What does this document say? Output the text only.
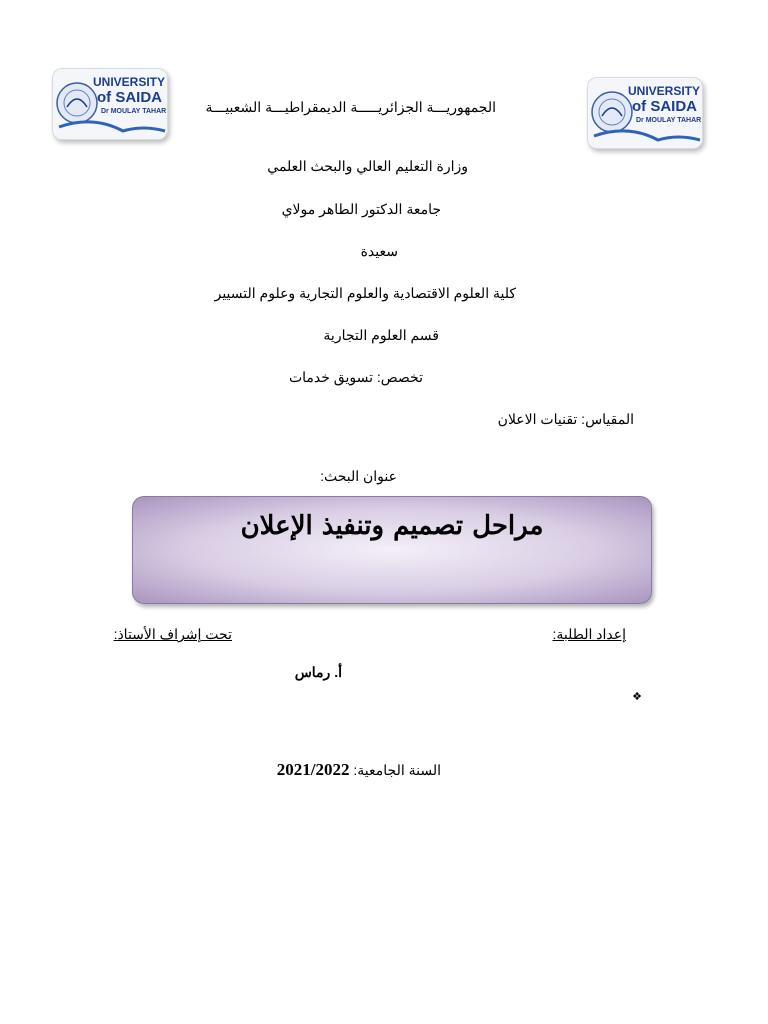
UNIVERSITY
of SAIDA
Dr MOULAY TAHAR
UNIVERSITY
of SAIDA
Dr MOULAY TAHAR
الجمهوريـــة الجزائريـــــة الديمقراطيـــة الشعبيـــة
وزارة التعليم العالي والبحث العلمي
جامعة الدكتور الطاهر مولاي
سعيدة
كلية العلوم الاقتصادية والعلوم التجارية وعلوم التسيير
قسم العلوم التجارية
تخصص: تسويق خدمات
المقياس: تقنيات الاعلان
عنوان البحث:
مراحل تصميم وتنفيذ الإعلان
إعداد الطلبة:
تحت إشراف الأستاذ:
أ. رماس
❖
السنة الجامعية: 2021/2022
